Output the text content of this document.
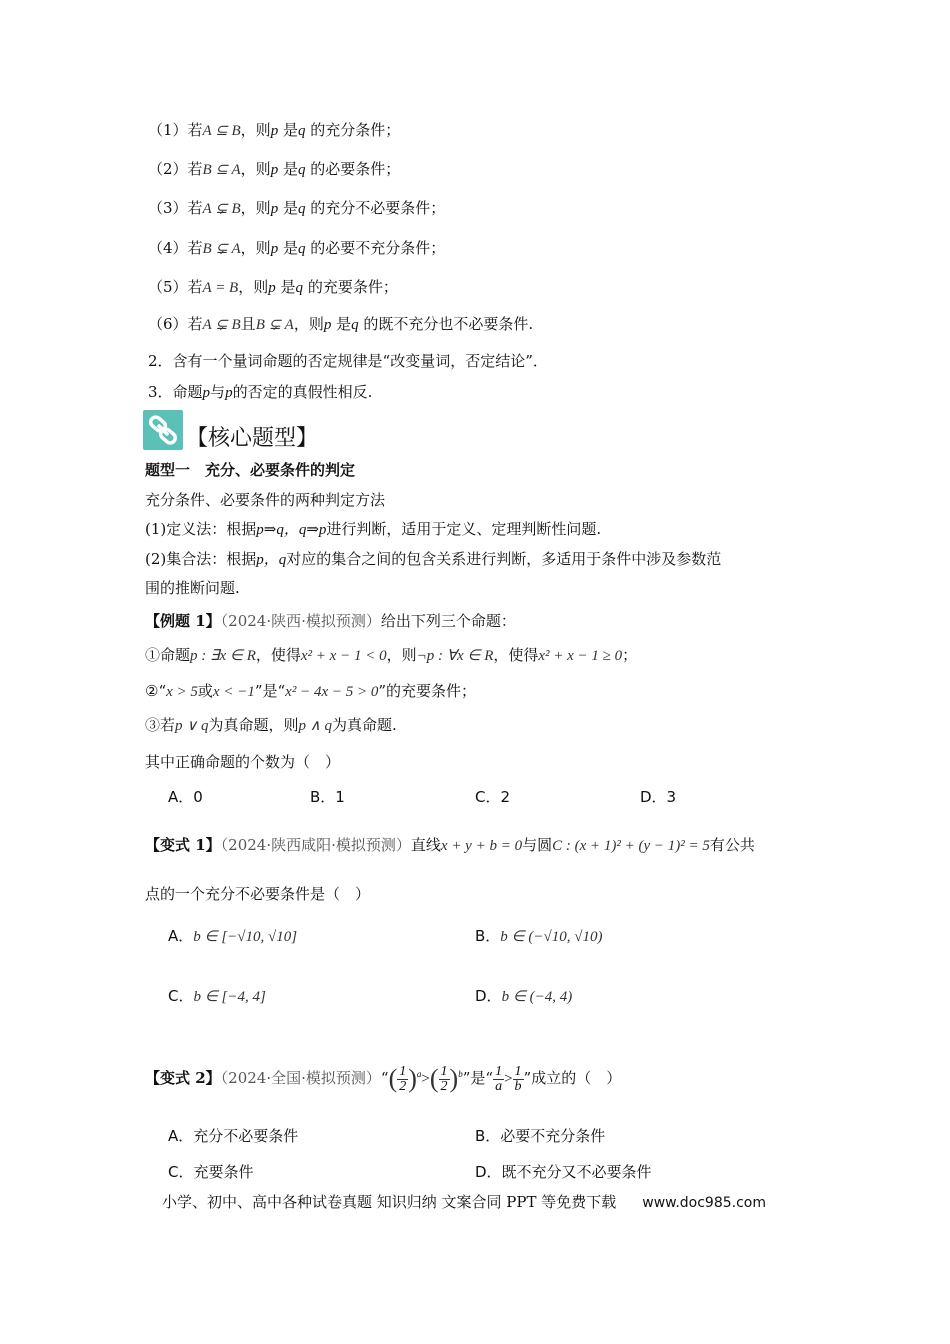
（1）若A ⊆ B，则p 是q 的充分条件；
（2）若B ⊆ A，则p 是q 的必要条件；
（3）若A ⊊ B，则p 是q 的充分不必要条件；
（4）若B ⊊ A，则p 是q 的必要不充分条件；
（5）若A = B，则p 是q 的充要条件；
（6）若A ⊊ B且B ⊊ A，则p 是q 的既不充分也不必要条件.
2．含有一个量词命题的否定规律是“改变量词，否定结论”．
3．命题p与p的否定的真假性相反.
【核心题型】
题型一　充分、必要条件的判定
充分条件、必要条件的两种判定方法
(1)定义法：根据p⇒q，q⇒p进行判断，适用于定义、定理判断性问题.
(2)集合法：根据p，q对应的集合之间的包含关系进行判断，多适用于条件中涉及参数范
围的推断问题.
【例题 1】（2024·陕西·模拟预测）给出下列三个命题：
①命题p : ∃x ∈ R，使得x² + x − 1 < 0，则¬p : ∀x ∈ R，使得x² + x − 1 ≥ 0；
②“x > 5或x < −1”是“x² − 4x − 5 > 0”的充要条件；
③若p ∨ q为真命题，则p ∧ q为真命题.
其中正确命题的个数为（　）
A．0	B．1	C．2	D．3
【变式 1】（2024·陕西咸阳·模拟预测）直线x + y + b = 0与圆C : (x + 1)² + (y − 1)² = 5有公共
点的一个充分不必要条件是（　）
A．b ∈ [−√10, √10]	B．b ∈ (−√10, √10)
C．b ∈ [−4, 4]	D．b ∈ (−4, 4)
【变式 2】（2024·全国·模拟预测）“( $\frac{1}{2} )^a>( \frac{1}{2} )^b$”是“ $\frac{1}{a} > \frac{1}{b}$ ”成立的（　）
A．充分不必要条件	B．必要不充分条件
C．充要条件	D．既不充分又不必要条件
小学、初中、高中各种试卷真题 知识归纳 文案合同 PPT 等免费下载 www.doc985.com
